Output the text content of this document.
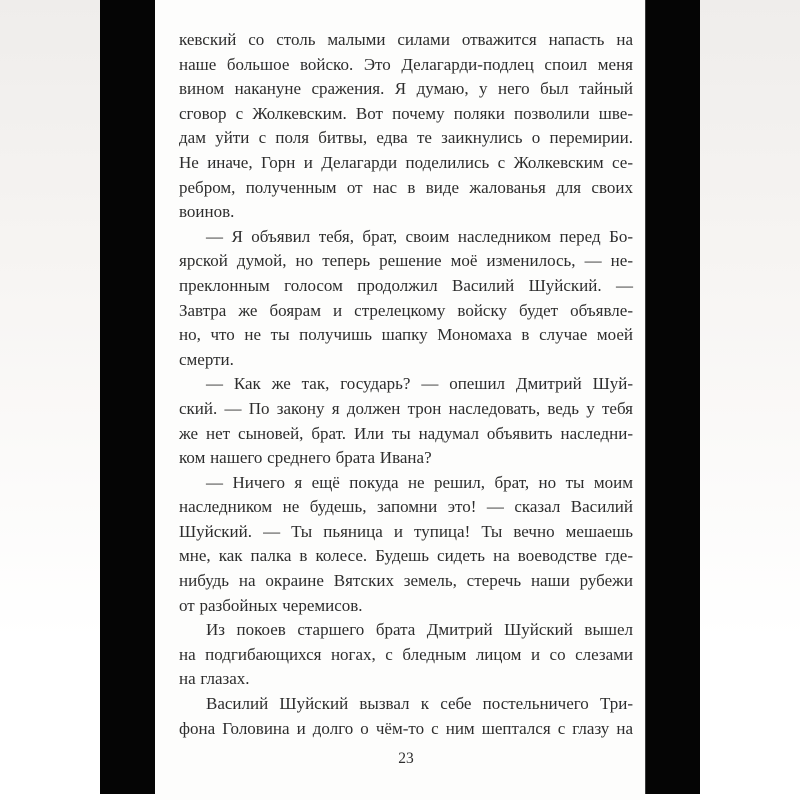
кевский со столь малыми силами отважится напасть на
наше большое войско. Это Делагарди-подлец споил меня
вином накануне сражения. Я думаю, у него был тайный
сговор с Жолкевским. Вот почему поляки позволили шве-
дам уйти с поля битвы, едва те заикнулись о перемирии.
Не иначе, Горн и Делагарди поделились с Жолкевским се-
ребром, полученным от нас в виде жалованья для своих
воинов.
— Я объявил тебя, брат, своим наследником перед Бо-
ярской думой, но теперь решение моё изменилось, — не-
преклонным голосом продолжил Василий Шуйский. —
Завтра же боярам и стрелецкому войску будет объявле-
но, что не ты получишь шапку Мономаха в случае моей
смерти.
— Как же так, государь? — опешил Дмитрий Шуй-
ский. — По закону я должен трон наследовать, ведь у тебя
же нет сыновей, брат. Или ты надумал объявить наследни-
ком нашего среднего брата Ивана?
— Ничего я ещё покуда не решил, брат, но ты моим
наследником не будешь, запомни это! — сказал Василий
Шуйский. — Ты пьяница и тупица! Ты вечно мешаешь
мне, как палка в колесе. Будешь сидеть на воеводстве где-
нибудь на окраине Вятских земель, стеречь наши рубежи
от разбойных черемисов.
Из покоев старшего брата Дмитрий Шуйский вышел
на подгибающихся ногах, с бледным лицом и со слезами
на глазах.
Василий Шуйский вызвал к себе постельничего Три-
фона Головина и долго о чём-то с ним шептался с глазу на
23
